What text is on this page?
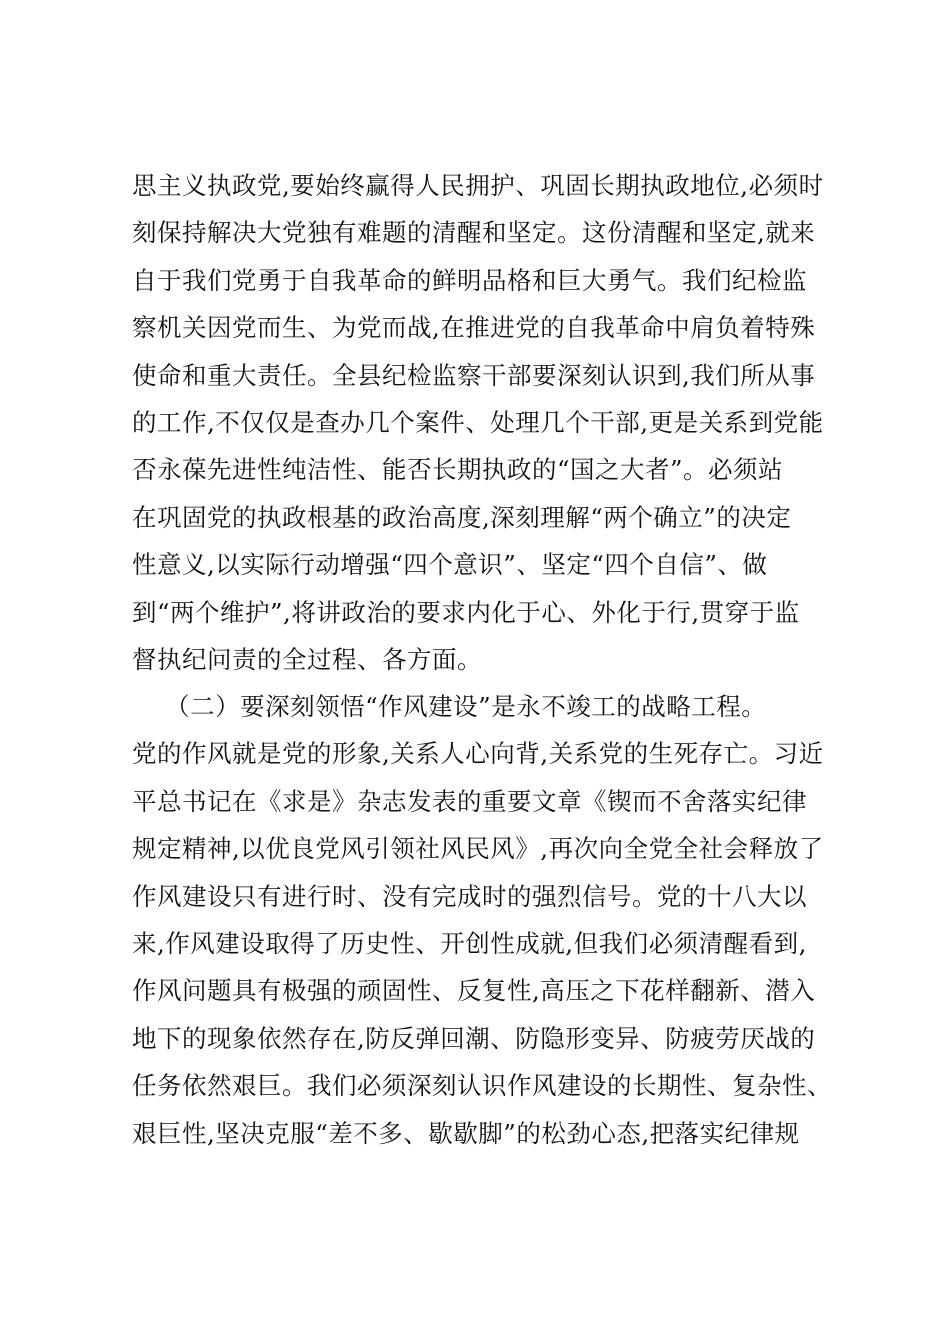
思主义执政党,要始终赢得人民拥护、巩固长期执政地位,必须时
刻保持解决大党独有难题的清醒和坚定。这份清醒和坚定,就来
自于我们党勇于自我革命的鲜明品格和巨大勇气。我们纪检监
察机关因党而生、为党而战,在推进党的自我革命中肩负着特殊
使命和重大责任。全县纪检监察干部要深刻认识到,我们所从事
的工作,不仅仅是查办几个案件、处理几个干部,更是关系到党能
否永葆先进性纯洁性、能否长期执政的“国之大者”。必须站
在巩固党的执政根基的政治高度,深刻理解“两个确立”的决定
性意义,以实际行动增强“四个意识”、坚定“四个自信”、做
到“两个维护”,将讲政治的要求内化于心、外化于行,贯穿于监
督执纪问责的全过程、各方面。
（二）要深刻领悟“作风建设”是永不竣工的战略工程。
党的作风就是党的形象,关系人心向背,关系党的生死存亡。习近
平总书记在《求是》杂志发表的重要文章《锲而不舍落实纪律
规定精神,以优良党风引领社风民风》,再次向全党全社会释放了
作风建设只有进行时、没有完成时的强烈信号。党的十八大以
来,作风建设取得了历史性、开创性成就,但我们必须清醒看到,
作风问题具有极强的顽固性、反复性,高压之下花样翻新、潜入
地下的现象依然存在,防反弹回潮、防隐形变异、防疲劳厌战的
任务依然艰巨。我们必须深刻认识作风建设的长期性、复杂性、
艰巨性,坚决克服“差不多、歇歇脚”的松劲心态,把落实纪律规
